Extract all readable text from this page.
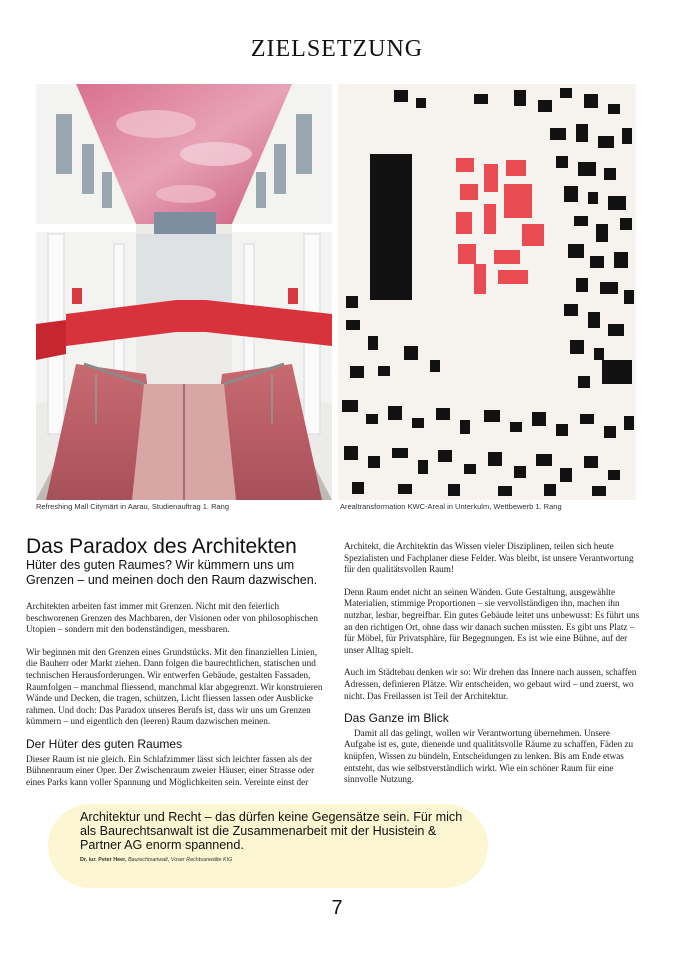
ZIELSETZUNG
Refreshing Mall Citymärt in Aarau, Studienauftrag 1. Rang	Arealtransformation KWC-Areal in Unterkulm, Wettbewerb 1. Rang
Das Paradox des Architekten

Hüter des guten Raumes? Wir kümmern uns um Grenzen – und meinen doch den Raum dazwischen.

Architekten arbeiten fast immer mit Grenzen. Nicht mit den feierlich beschworenen Grenzen des Machbaren, der Visionen oder von philosophischen Utopien – sondern mit den bodenständigen, messbaren.

Wir beginnen mit den Grenzen eines Grundstücks. Mit den finanziellen Linien, die Bauherr oder Markt ziehen. Dann folgen die baurechtlichen, statischen und technischen Herausforderungen. Wir entwerfen Gebäude, gestalten Fassaden, Raumfolgen – manchmal fliessend, manchmal klar abgegrenzt. Wir konstruieren Wände und Decken, die tragen, schützen, Licht fliessen lassen oder Ausblicke rahmen. Und doch: Das Paradox unseres Berufs ist, dass wir uns um Grenzen kümmern – und eigentlich den (leeren) Raum dazwischen meinen.

Der Hüter des guten Raumes

Dieser Raum ist nie gleich. Ein Schlafzimmer lässt sich leichter fassen als der Bühnenraum einer Oper. Der Zwischenraum zweier Häuser, einer Strasse oder eines Parks kann voller Spannung und Möglichkeiten sein. Vereinte einst der

Architekt, die Architektin das Wissen vieler Disziplinen, teilen sich heute Spezialisten und Fachplaner diese Felder. Was bleibt, ist unsere Verantwortung für den qualitätsvollen Raum!

Denn Raum endet nicht an seinen Wänden. Gute Gestaltung, ausgewählte Materialien, stimmige Proportionen – sie vervollständigen ihn, machen ihn nutzbar, lesbar, begreifbar. Ein gutes Gebäude leitet uns unbewusst: Es führt uns an den richtigen Ort, ohne dass wir danach suchen müssten. Es gibt uns Platz – für Möbel, für Privatsphäre, für Begegnungen. Es ist wie eine Bühne, auf der unser Alltag spielt.

Auch im Städtebau denken wir so: Wir drehen das Innere nach aussen, schaffen Adressen, definieren Plätze. Wir entscheiden, wo gebaut wird – und zuerst, wo nicht. Das Freilassen ist Teil der Architektur.

Das Ganze im Blick

Damit all das gelingt, wollen wir Verantwortung übernehmen. Unsere Aufgabe ist es, gute, dienende und qualitätsvolle Räume zu schaffen, Fäden zu knüpfen, Wissen zu bündeln, Entscheidungen zu lenken. Bis am Ende etwas entsteht, das wie selbstverständlich wirkt. Wie ein schöner Raum für eine sinnvolle Nutzung.

Architektur und Recht – das dürfen keine Gegensätze sein. Für mich als Baurechtsanwalt ist die Zusammenarbeit mit der Husistein & Partner AG enorm spannend.

Dr. iur. Peter Heer, Baurechtsanwalt, Voser Rechtsanwälte KIG
7
